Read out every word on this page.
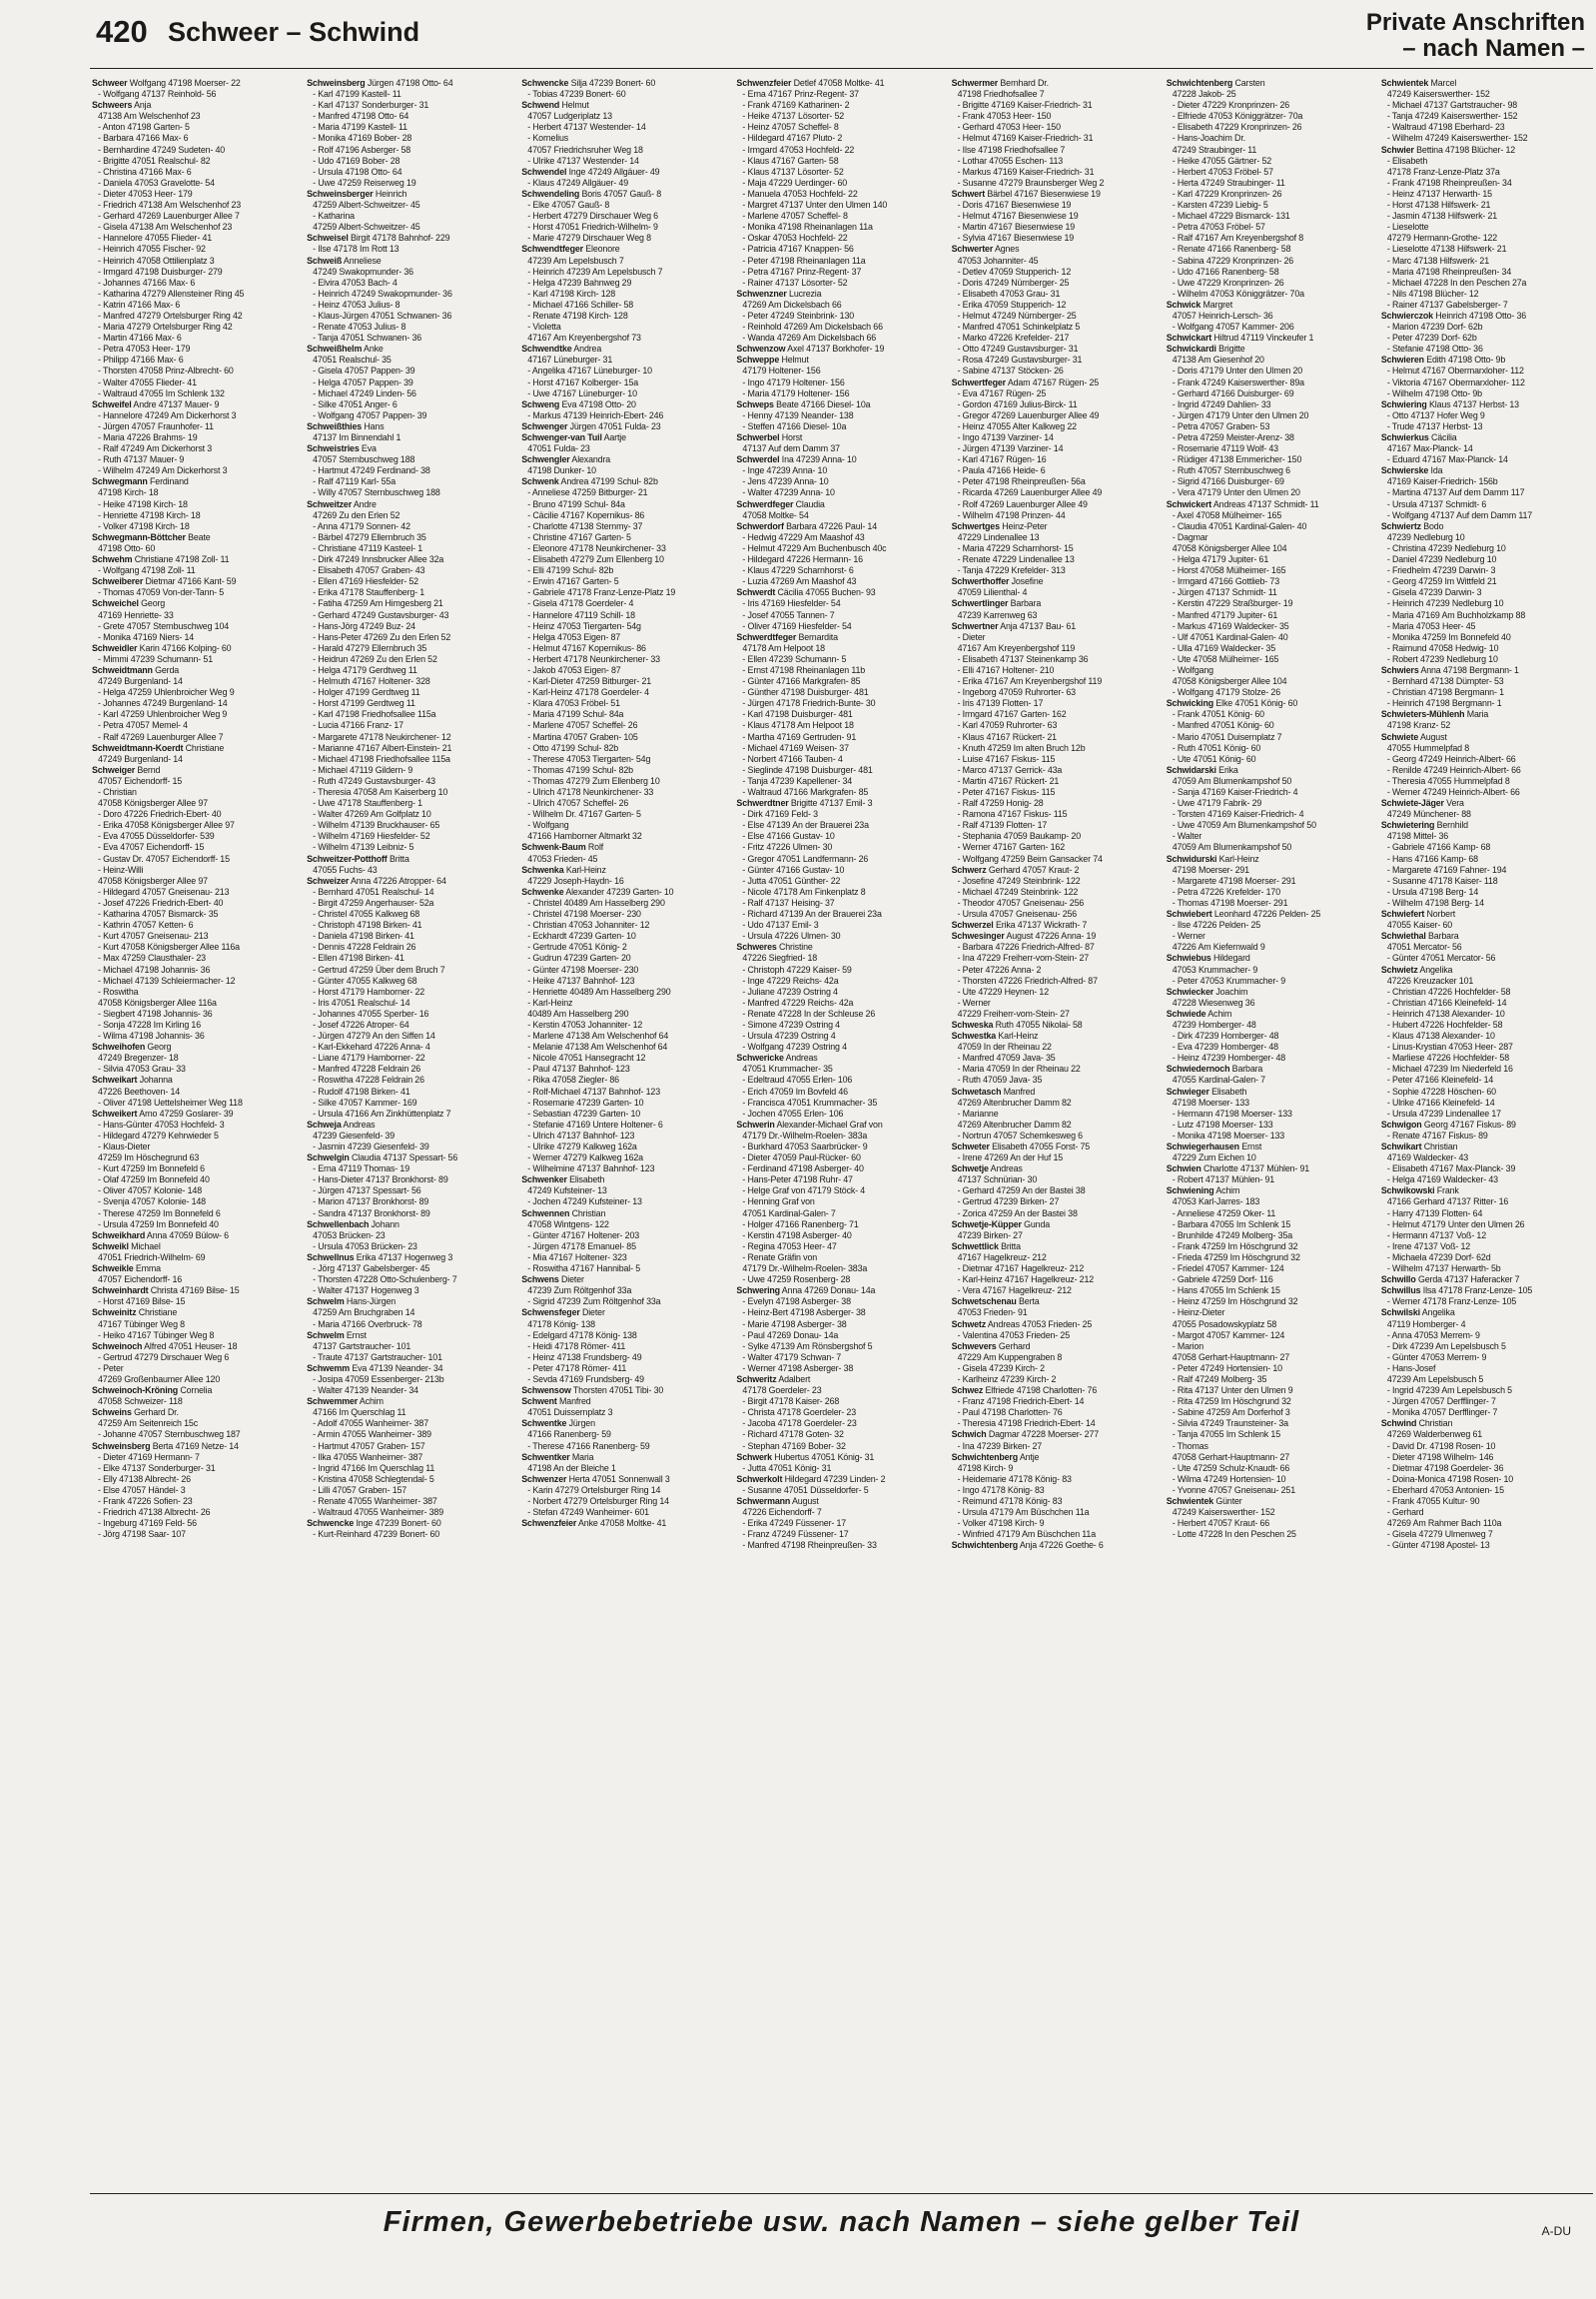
420 Schweer – Schwind	Private Anschriften
– nach Namen –
Schweer Wolfgang 47198 Moerser- 22
- Wolfgang 47137 Reinhold- 56
Schweers Anja
47138 Am Welschenhof 23
- Anton 47198 Garten- 5
- Barbara 47166 Max- 6
- Bernhardine 47249 Sudeten- 40
- Brigitte 47051 Realschul- 82
- Christina 47166 Max- 6
- Daniela 47053 Gravelotte- 54
- Dieter 47053 Heer- 179
- Friedrich 47138 Am Welschenhof 23
- Gerhard 47269 Lauenburger Allee 7
- Gisela 47138 Am Welschenhof 23
- Hannelore 47055 Flieder- 41
- Heinrich 47055 Fischer- 92
- Heinrich 47058 Ottilienplatz 3
- Irmgard 47198 Duisburger- 279
- Johannes 47166 Max- 6
- Katharina 47279 Allensteiner Ring 45
- Katrin 47166 Max- 6
- Manfred 47279 Ortelsburger Ring 42
- Maria 47279 Ortelsburger Ring 42
- Martin 47166 Max- 6
- Petra 47053 Heer- 179
- Philipp 47166 Max- 6
- Thorsten 47058 Prinz-Albrecht- 60
- Walter 47055 Flieder- 41
- Waltraud 47055 Im Schlenk 132
Schweifel Andre 47137 Mauer- 9
- Hannelore 47249 Am Dickerhorst 3
- Jürgen 47057 Fraunhofer- 11
- Maria 47226 Brahms- 19
- Ralf 47249 Am Dickerhorst 3
- Ruth 47137 Mauer- 9
- Wilhelm 47249 Am Dickerhorst 3
Schwegmann Ferdinand
47198 Kirch- 18
- Heike 47198 Kirch- 18
- Henriette 47198 Kirch- 18
- Volker 47198 Kirch- 18
Schwegmann-Böttcher Beate
47198 Otto- 60
Schwehm Christiane 47198 Zoll- 11
- Wolfgang 47198 Zoll- 11
Schweiberer Dietmar 47166 Kant- 59
- Thomas 47059 Von-der-Tann- 5
Schweichel Georg
47169 Henriette- 33
- Grete 47057 Sternbuschweg 104
- Monika 47169 Niers- 14
Schweidler Karin 47166 Kolping- 60
- Mimmi 47239 Schumann- 51
Schweidtmann Gerda
47249 Burgenland- 14
- Helga 47259 Uhlenbroicher Weg 9
- Johannes 47249 Burgenland- 14
- Karl 47259 Uhlenbroicher Weg 9
- Petra 47057 Memel- 4
- Ralf 47269 Lauenburger Allee 7
Schweidtmann-Koerdt Christiane
47249 Burgenland- 14
Schweiger Bernd
47057 Eichendorff- 15
- Christian
47058 Königsberger Allee 97
- Doro 47226 Friedrich-Ebert- 40
- Erika 47058 Königsberger Allee 97
- Eva 47055 Düsseldorfer- 539
- Eva 47057 Eichendorff- 15
- Gustav Dr. 47057 Eichendorff- 15
- Heinz-Willi
47058 Königsberger Allee 97
- Hildegard 47057 Gneisenau- 213
- Josef 47226 Friedrich-Ebert- 40
- Katharina 47057 Bismarck- 35
- Kathrin 47057 Ketten- 6
- Kurt 47057 Gneisenau- 213
- Kurt 47058 Königsberger Allee 116a
- Max 47259 Clausthaler- 23
- Michael 47198 Johannis- 36
- Michael 47139 Schleiermacher- 12
- Roswitha
47058 Königsberger Allee 116a
- Siegbert 47198 Johannis- 36
- Sonja 47228 Im Kirling 16
- Wilma 47198 Johannis- 36
Schweihofen Georg
47249 Bregenzer- 18
- Silvia 47053 Grau- 33
Schweikart Johanna
47226 Beethoven- 14
- Oliver 47198 Uettelsheimer Weg 118
Schweikert Arno 47259 Goslarer- 39
- Hans-Günter 47053 Hochfeld- 3
- Hildegard 47279 Kehrwieder 5
- Klaus-Dieter
47259 Im Höschegrund 63
- Kurt 47259 Im Bonnefeld 6
- Olaf 47259 Im Bonnefeld 40
- Oliver 47057 Kolonie- 148
- Svenja 47057 Kolonie- 148
- Therese 47259 Im Bonnefeld 6
- Ursula 47259 Im Bonnefeld 40
Schweikhard Anna 47059 Bülow- 6
Schweikl Michael
47051 Friedrich-Wilhelm- 69
Schweikle Emma
47057 Eichendorff- 16
Schweinhardt Christa 47169 Bilse- 15
- Horst 47169 Bilse- 15
Schweinitz Christiane
47167 Tübinger Weg 8
- Heiko 47167 Tübinger Weg 8
Schweinoch Alfred 47051 Heuser- 18
- Gertrud 47279 Dirschauer Weg 6
- Peter
47269 Großenbaumer Allee 120
Schweinoch-Kröning Cornelia
47058 Schweizer- 118
Schweins Gerhard Dr.
47259 Am Seitenreich 15c
- Johanne 47057 Sternbuschweg 187
Schweinsberg Berta 47169 Netze- 14
- Dieter 47169 Hermann- 7
- Elke 47137 Sonderburger- 31
- Elly 47138 Albrecht- 26
- Else 47057 Händel- 3
- Frank 47226 Sofien- 23
- Friedrich 47138 Albrecht- 26
- Ingeburg 47169 Feld- 56
- Jörg 47198 Saar- 107
Schweinsberg Jürgen 47198 Otto- 64
- Karl 47199 Kastell- 11
- Karl 47137 Sonderburger- 31
- Manfred 47198 Otto- 64
- Maria 47199 Kastell- 11
- Monika 47169 Bober- 28
- Rolf 47196 Asberger- 58
- Udo 47169 Bober- 28
- Ursula 47198 Otto- 64
- Uwe 47259 Reiserweg 19
Schweinsberger Heinrich
47259 Albert-Schweitzer- 45
- Katharina
47259 Albert-Schweitzer- 45
Schweisel Birgit 47178 Bahnhof- 229
- Ilse 47178 Im Rott 13
Schweiß Anneliese
47249 Swakopmunder- 36
- Elvira 47053 Bach- 4
- Heinrich 47249 Swakopmunder- 36
- Heinz 47053 Julius- 8
- Klaus-Jürgen 47051 Schwanen- 36
- Renate 47053 Julius- 8
- Tanja 47051 Schwanen- 36
Schweißhelm Anke
47051 Realschul- 35
- Gisela 47057 Pappen- 39
- Helga 47057 Pappen- 39
- Michael 47249 Linden- 56
- Silke 47051 Anger- 6
- Wolfgang 47057 Pappen- 39
Schweißthies Hans
47137 Im Binnendahl 1
Schweistries Eva
47057 Sternbuschweg 188
- Hartmut 47249 Ferdinand- 38
- Ralf 47119 Karl- 55a
- Willy 47057 Sternbuschweg 188
Schweitzer Andre
47269 Zu den Erlen 52
- Anna 47179 Sonnen- 42
- Bärbel 47279 Ellernbruch 35
- Christiane 47119 Kasteel- 1
- Dirk 47249 Innsbrucker Allee 32a
- Elisabeth 47057 Graben- 43
- Ellen 47169 Hiesfelder- 52
- Erika 47178 Stauffenberg- 1
- Fatiha 47259 Am Himgesberg 21
- Gerhard 47249 Gustavsburger- 43
- Hans-Jörg 47249 Buz- 24
- Hans-Peter 47269 Zu den Erlen 52
- Harald 47279 Ellernbruch 35
- Heidrun 47269 Zu den Erlen 52
- Helga 47179 Gerdtweg 11
- Helmuth 47167 Holtener- 328
- Holger 47199 Gerdtweg 11
- Horst 47199 Gerdtweg 11
- Karl 47198 Friedhofsallee 115a
- Lucia 47166 Franz- 17
- Margarete 47178 Neukirchener- 12
- Marianne 47167 Albert-Einstein- 21
- Michael 47198 Friedhofsallee 115a
- Michael 47119 Gildern- 9
- Ruth 47249 Gustavsburger- 43
- Theresia 47058 Am Kaiserberg 10
- Uwe 47178 Stauffenberg- 1
- Walter 47269 Am Golfplatz 10
- Wilhelm 47139 Bruckhauser- 65
- Wilhelm 47169 Hiesfelder- 52
- Wilhelm 47139 Leibniz- 5
Schweitzer-Potthoff Britta
47055 Fuchs- 43
Schweizer Anna 47226 Atropper- 64
- Bernhard 47051 Realschul- 14
- Birgit 47259 Angerhauser- 52a
- Christel 47055 Kalkweg 68
- Christoph 47198 Birken- 41
- Daniela 47198 Birken- 41
- Dennis 47228 Feldrain 26
- Ellen 47198 Birken- 41
- Gertrud 47259 Über dem Bruch 7
- Günter 47055 Kalkweg 68
- Horst 47179 Hamborner- 22
- Iris 47051 Realschul- 14
- Johannes 47055 Sperber- 16
- Josef 47226 Atroper- 64
- Jürgen 47279 An den Siffen 14
- Karl-Ekkehard 47226 Anna- 4
- Liane 47179 Hamborner- 22
- Manfred 47228 Feldrain 26
- Roswitha 47228 Feldrain 26
- Rudolf 47198 Birken- 41
- Silke 47057 Kammer- 169
- Ursula 47166 Am Zinkhüttenplatz 7
Schweja Andreas
47239 Giesenfeld- 39
- Jasmin 47239 Giesenfeld- 39
Schwelgin Claudia 47137 Spessart- 56
- Erna 47119 Thomas- 19
- Hans-Dieter 47137 Bronkhorst- 89
- Jürgen 47137 Spessart- 56
- Marion 47137 Bronkhorst- 89
- Sandra 47137 Bronkhorst- 89
Schwellenbach Johann
47053 Brücken- 23
- Ursula 47053 Brücken- 23
Schwellnus Erika 47137 Hogenweg 3
- Jörg 47137 Gabelsberger- 45
- Thorsten 47228 Otto-Schulenberg- 7
- Walter 47137 Hogenweg 3
Schwelm Hans-Jürgen
47259 Am Bruchgraben 14
- Maria 47166 Overbruck- 78
Schwelm Ernst
47137 Gartstraucher- 101
- Traute 47137 Gartstraucher- 101
Schwemm Eva 47139 Neander- 34
- Josipa 47059 Essenberger- 213b
- Walter 47139 Neander- 34
Schwemmer Achim
47166 Im Querschlag 11
- Adolf 47055 Wanheimer- 387
- Armin 47055 Wanheimer- 389
- Hartmut 47057 Graben- 157
- Ilka 47055 Wanheimer- 387
- Ingrid 47166 Im Querschlag 11
- Kristina 47058 Schlegtendal- 5
- Lilli 47057 Graben- 157
- Renate 47055 Wanheimer- 387
- Waltraud 47055 Wanheimer- 389
Schwencke Inge 47239 Bonert- 60
- Kurt-Reinhard 47239 Bonert- 60
Schwencke Silja 47239 Bonert- 60
- Tobias 47239 Bonert- 60
Schwend Helmut
47057 Ludgeriplatz 13
- Herbert 47137 Westender- 14
- Kornelius
47057 Friedrichsruher Weg 18
- Ulrike 47137 Westender- 14
Schwendel Inge 47249 Allgäuer- 49
- Klaus 47249 Allgäuer- 49
Schwendeling Boris 47057 Gauß- 8
- Elke 47057 Gauß- 8
- Herbert 47279 Dirschauer Weg 6
- Horst 47051 Friedrich-Wilhelm- 9
- Marie 47279 Dirschauer Weg 8
Schwendtfeger Eleonore
47239 Am Lepelsbusch 7
- Heinrich 47239 Am Lepelsbusch 7
- Helga 47239 Bahnweg 29
- Karl 47198 Kirch- 128
- Michael 47166 Schiller- 58
- Renate 47198 Kirch- 128
- Violetta
47167 Am Kreyenbergshof 73
Schwendtke Andrea
47167 Lüneburger- 31
- Angelika 47167 Lüneburger- 10
- Horst 47167 Kolberger- 15a
- Uwe 47167 Lüneburger- 10
Schweng Eva 47198 Otto- 20
- Markus 47139 Heinrich-Ebert- 246
Schwenger Jürgen 47051 Fulda- 23
Schwenger-van Tuil Aartje
47051 Fulda- 23
Schwengler Alexandra
47198 Dunker- 10
Schwenk Andrea 47199 Schul- 82b
- Anneliese 47259 Bitburger- 21
- Bruno 47199 Schul- 84a
- Cäcilie 47167 Kopernikus- 86
- Charlotte 47138 Sternmy- 37
- Christine 47167 Garten- 5
- Eleonore 47178 Neunkirchener- 33
- Elisabeth 47279 Zum Ellenberg 10
- Elli 47199 Schul- 82b
- Erwin 47167 Garten- 5
- Gabriele 47178 Franz-Lenze-Platz 19
- Gisela 47178 Goerdeler- 4
- Hannelore 47119 Schill- 18
- Heinz 47053 Tiergarten- 54g
- Helga 47053 Eigen- 87
- Helmut 47167 Kopernikus- 86
- Herbert 47178 Neunkirchener- 33
- Jakob 47053 Eigen- 87
- Karl-Dieter 47259 Bitburger- 21
- Karl-Heinz 47178 Goerdeler- 4
- Klara 47053 Fröbel- 51
- Maria 47199 Schul- 84a
- Marlene 47057 Scheffel- 26
- Martina 47057 Graben- 105
- Otto 47199 Schul- 82b
- Therese 47053 Tiergarten- 54g
- Thomas 47199 Schul- 82b
- Thomas 47279 Zum Ellenberg 10
- Ulrich 47178 Neunkirchener- 33
- Ulrich 47057 Scheffel- 26
- Wilhelm Dr. 47167 Garten- 5
- Wolfgang
47166 Hamborner Altmarkt 32
Schwenk-Baum Rolf
47053 Frieden- 45
Schwenka Karl-Heinz
47229 Joseph-Haydn- 16
Schwenke Alexander 47239 Garten- 10
- Christel 40489 Am Hasselberg 290
- Christel 47198 Moerser- 230
- Christian 47053 Johanniter- 12
- Eckhardt 47239 Garten- 10
- Gertrude 47051 König- 2
- Gudrun 47239 Garten- 20
- Günter 47198 Moerser- 230
- Heike 47137 Bahnhof- 123
- Henriette 40489 Am Hasselberg 290
- Karl-Heinz
40489 Am Hasselberg 290
- Kerstin 47053 Johanniter- 12
- Marlene 47138 Am Welschenhof 64
- Melanie 47138 Am Welschenhof 64
- Nicole 47051 Hansegracht 12
- Paul 47137 Bahnhof- 123
- Rika 47058 Ziegler- 86
- Rolf-Michael 47137 Bahnhof- 123
- Rosemarie 47239 Garten- 10
- Sebastian 47239 Garten- 10
- Stefanie 47169 Untere Holtener- 6
- Ulrich 47137 Bahnhof- 123
- Ulrike 47279 Kalkweg 162a
- Werner 47279 Kalkweg 162a
- Wilhelmine 47137 Bahnhof- 123
Schwenker Elisabeth
47249 Kufsteiner- 13
- Jochen 47249 Kufsteiner- 13
Schwennen Christian
47058 Wintgens- 122
- Günter 47167 Holtener- 203
- Jürgen 47178 Emanuel- 85
- Mia 47167 Holtener- 323
- Roswitha 47167 Hannibal- 5
Schwens Dieter
47239 Zum Röltgenhof 33a
- Sigrid 47239 Zum Röltgenhof 33a
Schwensfeger Dieter
47178 König- 138
- Edelgard 47178 König- 138
- Heidi 47178 Römer- 411
- Heinz 47138 Frundsberg- 49
- Peter 47178 Römer- 411
- Sevda 47169 Frundsberg- 49
Schwensow Thorsten 47051 Tibi- 30
Schwent Manfred
47051 Duissernplatz 3
Schwentke Jürgen
47166 Ranenberg- 59
- Therese 47166 Ranenberg- 59
Schwentker Maria
47198 An der Bleiche 1
Schwenzer Herta 47051 Sonnenwall 3
- Karin 47279 Ortelsburger Ring 14
- Norbert 47279 Ortelsburger Ring 14
- Stefan 47249 Wanheimer- 601
Schwenzfeier Anke 47058 Moltke- 41
Schwenzfeier Detlef 47058 Moltke- 41
- Erna 47167 Prinz-Regent- 37
- Frank 47169 Katharinen- 2
- Heike 47137 Lösorter- 52
- Heinz 47057 Scheffel- 8
- Hildegard 47167 Pluto- 2
- Irmgard 47053 Hochfeld- 22
- Klaus 47167 Garten- 58
- Klaus 47137 Lösorter- 52
- Maja 47229 Uerdinger- 60
- Manuela 47053 Hochfeld- 22
- Margret 47137 Unter den Ulmen 140
- Marlene 47057 Scheffel- 8
- Monika 47198 Rheinanlagen 11a
- Oskar 47053 Hochfeld- 22
- Patricia 47167 Knappen- 56
- Peter 47198 Rheinanlagen 11a
- Petra 47167 Prinz-Regent- 37
- Rainer 47137 Lösorter- 52
Schwenzner Lucrezia
47269 Am Dickelsbach 66
- Peter 47249 Steinbrink- 130
- Reinhold 47269 Am Dickelsbach 66
- Wanda 47269 Am Dickelsbach 66
Schwenzow Axel 47137 Borkhofer- 19
Schweppe Helmut
47179 Holtener- 156
- Ingo 47179 Holtener- 156
- Maria 47179 Holtener- 156
Schweps Beate 47166 Diesel- 10a
- Henny 47139 Neander- 138
- Steffen 47166 Diesel- 10a
Schwerbel Horst
47137 Auf dem Damm 37
Schwerdel Ina 47239 Anna- 10
- Inge 47239 Anna- 10
- Jens 47239 Anna- 10
- Walter 47239 Anna- 10
Schwerdfeger Claudia
47058 Moltke- 54
Schwerdorf Barbara 47226 Paul- 14
- Hedwig 47229 Am Maashof 43
- Helmut 47229 Am Buchenbusch 40c
- Hildegard 47226 Hermann- 16
- Klaus 47229 Scharnhorst- 6
- Luzia 47269 Am Maashof 43
Schwerdt Cäcilia 47055 Buchen- 93
- Iris 47169 Hiesfelder- 54
- Josef 47055 Tannen- 7
- Oliver 47169 Hiesfelder- 54
Schwerdtfeger Bernardita
47178 Am Helpoot 18
- Ellen 47239 Schumann- 5
- Ernst 47198 Rheinanlagen 11b
- Günter 47166 Markgrafen- 85
- Günther 47198 Duisburger- 481
- Jürgen 47178 Friedrich-Bunte- 30
- Karl 47198 Duisburger- 481
- Klaus 47178 Am Helpoot 18
- Martha 47169 Gertruden- 91
- Michael 47169 Weisen- 37
- Norbert 47166 Tauben- 4
- Sieglinde 47198 Duisburger- 481
- Tanja 47239 Kapellener- 34
- Waltraud 47166 Markgrafen- 85
Schwerdtner Brigitte 47137 Emil- 3
- Dirk 47169 Feld- 3
- Else 47139 An der Brauerei 23a
- Else 47166 Gustav- 10
- Fritz 47226 Ulmen- 30
- Gregor 47051 Landfermann- 26
- Günter 47166 Gustav- 10
- Jutta 47051 Günther- 22
- Nicole 47178 Am Finkenplatz 8
- Ralf 47137 Heising- 37
- Richard 47139 An der Brauerei 23a
- Udo 47137 Emil- 3
- Ursula 47226 Ulmen- 30
Schweres Christine
47226 Siegfried- 18
- Christoph 47229 Kaiser- 59
- Inge 47229 Reichs- 42a
- Juliane 47239 Ostring 4
- Manfred 47229 Reichs- 42a
- Renate 47228 In der Schleuse 26
- Simone 47239 Ostring 4
- Ursula 47239 Ostring 4
- Wolfgang 47239 Ostring 4
Schwericke Andreas
47051 Krummacher- 35
- Edeltraud 47055 Erlen- 106
- Erich 47059 Im Bovfeld 46
- Francisca 47051 Krummacher- 35
- Jochen 47055 Erlen- 106
Schwerin Alexander-Michael Graf von
47179 Dr.-Wilhelm-Roelen- 383a
- Burkhard 47053 Saarbrücker- 9
- Dieter 47059 Paul-Rücker- 60
- Ferdinand 47198 Asberger- 40
- Hans-Peter 47198 Ruhr- 47
- Helge Graf von 47179 Stöck- 4
- Henning Graf von
47051 Kardinal-Galen- 7
- Holger 47166 Ranenberg- 71
- Kerstin 47198 Asberger- 40
- Regina 47053 Heer- 47
- Renate Gräfin von
47179 Dr.-Wilhelm-Roelen- 383a
- Uwe 47259 Rosenberg- 28
Schwering Anna 47269 Donau- 14a
- Evelyn 47198 Asberger- 38
- Heinz-Bert 47198 Asberger- 38
- Marie 47198 Asberger- 38
- Paul 47269 Donau- 14a
- Sylke 47139 Am Rönsbergshof 5
- Walter 47179 Schwan- 7
- Werner 47198 Asberger- 38
Schweritz Adalbert
47178 Goerdeler- 23
- Birgit 47178 Kaiser- 268
- Christa 47178 Goerdeler- 23
- Jacoba 47178 Goerdeler- 23
- Richard 47178 Goten- 32
- Stephan 47169 Bober- 32
Schwerk Hubertus 47051 König- 31
- Jutta 47051 König- 31
Schwerkolt Hildegard 47239 Linden- 2
- Susanne 47051 Düsseldorfer- 5
Schwermann August
47226 Eichendorff- 7
- Erika 47249 Füssener- 17
- Franz 47249 Füssener- 17
- Manfred 47198 Rheinpreußen- 33
Schwermer Bernhard Dr.
47198 Friedhofsallee 7
- Brigitte 47169 Kaiser-Friedrich- 31
- Frank 47053 Heer- 150
- Gerhard 47053 Heer- 150
- Helmut 47169 Kaiser-Friedrich- 31
- Ilse 47198 Friedhofsallee 7
- Lothar 47055 Eschen- 113
- Markus 47169 Kaiser-Friedrich- 31
- Susanne 47279 Braunsberger Weg 2
Schwert Bärbel 47167 Biesenwiese 19
- Doris 47167 Biesenwiese 19
- Helmut 47167 Biesenwiese 19
- Martin 47167 Biesenwiese 19
- Sylvia 47167 Biesenwiese 19
Schwerter Agnes
47053 Johanniter- 45
- Detlev 47059 Stupperich- 12
- Doris 47249 Nürnberger- 25
- Elisabeth 47053 Grau- 31
- Erika 47059 Stupperich- 12
- Helmut 47249 Nürnberger- 25
- Manfred 47051 Schinkelplatz 5
- Marko 47226 Krefelder- 217
- Otto 47249 Gustavsburger- 31
- Rosa 47249 Gustavsburger- 31
- Sabine 47137 Stöcken- 26
Schwertfeger Adam 47167 Rügen- 25
- Eva 47167 Rügen- 25
- Gordon 47169 Julius-Birck- 11
- Gregor 47269 Lauenburger Allee 49
- Heinz 47055 Alter Kalkweg 22
- Ingo 47139 Varziner- 14
- Jürgen 47139 Varziner- 14
- Karl 47167 Rügen- 16
- Paula 47166 Heide- 6
- Peter 47198 Rheinpreußen- 56a
- Ricarda 47269 Lauenburger Allee 49
- Rolf 47269 Lauenburger Allee 49
- Wilhelm 47198 Prinzen- 44
Schwertges Heinz-Peter
47229 Lindenallee 13
- Maria 47229 Scharnhorst- 15
- Renate 47229 Lindenallee 13
- Tanja 47229 Krefelder- 313
Schwerthoffer Josefine
47059 Lilienthal- 4
Schwertlinger Barbara
47239 Karrenweg 63
Schwertner Anja 47137 Bau- 61
- Dieter
47167 Am Kreyenbergshof 119
- Elisabeth 47137 Steinenkamp 36
- Elli 47167 Holtener- 210
- Erika 47167 Am Kreyenbergshof 119
- Ingeborg 47059 Ruhrorter- 63
- Iris 47139 Flotten- 17
- Irmgard 47167 Garten- 162
- Karl 47059 Ruhrorter- 63
- Klaus 47167 Rückert- 21
- Knuth 47259 Im alten Bruch 12b
- Luise 47167 Fiskus- 115
- Marco 47137 Gerrick- 43a
- Martin 47167 Rückert- 21
- Peter 47167 Fiskus- 115
- Ralf 47259 Honig- 28
- Ramona 47167 Fiskus- 115
- Ralf 47139 Flotten- 17
- Stephania 47059 Baukamp- 20
- Werner 47167 Garten- 162
- Wolfgang 47259 Beim Gansacker 74
Schwerz Gerhard 47057 Kraut- 2
- Josefine 47249 Steinbrink- 122
- Michael 47249 Steinbrink- 122
- Theodor 47057 Gneisenau- 256
- Ursula 47057 Gneisenau- 256
Schwerzel Erika 47137 Wickrath- 7
Schwesinger August 47226 Anna- 19
- Barbara 47226 Friedrich-Alfred- 87
- Ina 47229 Freiherr-vom-Stein- 27
- Peter 47226 Anna- 2
- Thorsten 47226 Friedrich-Alfred- 87
- Ute 47229 Heynen- 12
- Werner
47229 Freiherr-vom-Stein- 27
Schweska Ruth 47055 Nikolai- 58
Schwestka Karl-Heinz
47059 In der Rheinau 22
- Manfred 47059 Java- 35
- Maria 47059 In der Rheinau 22
- Ruth 47059 Java- 35
Schwetasch Manfred
47269 Altenbrucher Damm 82
- Marianne
47269 Altenbrucher Damm 82
- Nortrun 47057 Schemkesweg 6
Schweter Elisabeth 47055 Forst- 75
- Irene 47269 An der Huf 15
Schwetje Andreas
47137 Schnürian- 30
- Gerhard 47259 An der Bastei 38
- Gertrud 47239 Birken- 27
- Zorica 47259 An der Bastei 38
Schwetje-Küpper Gunda
47239 Birken- 27
Schwettlick Britta
47167 Hagelkreuz- 212
- Dietmar 47167 Hagelkreuz- 212
- Karl-Heinz 47167 Hagelkreuz- 212
- Vera 47167 Hagelkreuz- 212
Schwetschenau Berta
47053 Frieden- 91
Schwetz Andreas 47053 Frieden- 25
- Valentina 47053 Frieden- 25
Schwevers Gerhard
47229 Am Kuppengraben 8
- Gisela 47239 Kirch- 2
- Karlheinz 47239 Kirch- 2
Schwez Elfriede 47198 Charlotten- 76
- Franz 47198 Friedrich-Ebert- 14
- Paul 47198 Charlotten- 76
- Theresia 47198 Friedrich-Ebert- 14
Schwich Dagmar 47228 Moerser- 277
- Ina 47239 Birken- 27
Schwichtenberg Antje
47198 Kirch- 9
- Heidemarie 47178 König- 83
- Ingo 47178 König- 83
- Reimund 47178 König- 83
- Ursula 47179 Am Büschchen 11a
- Volker 47198 Kirch- 9
- Winfried 47179 Am Büschchen 11a
Schwichtenberg Anja 47226 Goethe- 6
Schwichtenberg Carsten
47228 Jakob- 25
- Dieter 47229 Kronprinzen- 26
- Elfriede 47053 Königgrätzer- 70a
- Elisabeth 47229 Kronprinzen- 26
- Hans-Joachim Dr.
47249 Straubinger- 11
- Heike 47055 Gärtner- 52
- Herbert 47053 Fröbel- 57
- Herta 47249 Straubinger- 11
- Karl 47229 Kronprinzen- 26
- Karsten 47239 Liebig- 5
- Michael 47229 Bismarck- 131
- Petra 47053 Fröbel- 57
- Ralf 47167 Am Kreyenbergshof 8
- Renate 47166 Ranenberg- 58
- Sabina 47229 Kronprinzen- 26
- Udo 47166 Ranenberg- 58
- Uwe 47229 Kronprinzen- 26
- Wilhelm 47053 Königgrätzer- 70a
Schwick Margret
47057 Heinrich-Lersch- 36
- Wolfgang 47057 Kammer- 206
Schwickart Hiltrud 47119 Vinckeufer 1
Schwickardi Brigitte
47138 Am Giesenhof 20
- Doris 47179 Unter den Ulmen 20
- Frank 47249 Kaiserswerther- 89a
- Gerhard 47166 Duisburger- 69
- Ingrid 47249 Dahlien- 33
- Jürgen 47179 Unter den Ulmen 20
- Petra 47057 Graben- 53
- Petra 47259 Meister-Arenz- 38
- Rosemarie 47119 Wolf- 43
- Rüdiger 47138 Emmericher- 150
- Ruth 47057 Sternbuschweg 6
- Sigrid 47166 Duisburger- 69
- Vera 47179 Unter den Ulmen 20
Schwickert Andreas 47137 Schmidt- 11
- Axel 47058 Mülheimer- 165
- Claudia 47051 Kardinal-Galen- 40
- Dagmar
47058 Königsberger Allee 104
- Helga 47179 Jupiter- 61
- Horst 47058 Mülheimer- 165
- Irmgard 47166 Gottlieb- 73
- Jürgen 47137 Schmidt- 11
- Kerstin 47229 Straßburger- 19
- Manfred 47179 Jupiter- 61
- Markus 47169 Waldecker- 35
- Ulf 47051 Kardinal-Galen- 40
- Ulla 47169 Waldecker- 35
- Ute 47058 Mülheimer- 165
- Wolfgang
47058 Königsberger Allee 104
- Wolfgang 47179 Stolze- 26
Schwicking Elke 47051 König- 60
- Frank 47051 König- 60
- Manfred 47051 König- 60
- Mario 47051 Duisernplatz 7
- Ruth 47051 König- 60
- Ute 47051 König- 60
Schwidarski Erika
47059 Am Blumenkampshof 50
- Sanja 47169 Kaiser-Friedrich- 4
- Uwe 47179 Fabrik- 29
- Torsten 47169 Kaiser-Friedrich- 4
- Uwe 47059 Am Blumenkampshof 50
- Walter
47059 Am Blumenkampshof 50
Schwidurski Karl-Heinz
47198 Moerser- 291
- Margarete 47198 Moerser- 291
- Petra 47226 Krefelder- 170
- Thomas 47198 Moerser- 291
Schwiebert Leonhard 47226 Pelden- 25
- Ilse 47226 Pelden- 25
- Werner
47226 Am Kiefernwald 9
Schwiebus Hildegard
47053 Krummacher- 9
- Peter 47053 Krummacher- 9
Schwiecker Joachim
47228 Wiesenweg 36
Schwiede Achim
47239 Homberger- 48
- Dirk 47239 Homberger- 48
- Eva 47239 Homberger- 48
- Heinz 47239 Homberger- 48
Schwiedernoch Barbara
47055 Kardinal-Galen- 7
Schwieger Elisabeth
47198 Moerser- 133
- Hermann 47198 Moerser- 133
- Lutz 47198 Moerser- 133
- Monika 47198 Moerser- 133
Schwiegerhausen Ernst
47229 Zum Eichen 10
Schwien Charlotte 47137 Mühlen- 91
- Robert 47137 Mühlen- 91
Schwiening Achim
47053 Karl-Jarres- 183
- Anneliese 47259 Oker- 11
- Barbara 47055 Im Schlenk 15
- Brunhilde 47249 Molberg- 35a
- Frank 47259 Im Höschgrund 32
- Frieda 47259 Im Höschgrund 32
- Friedel 47057 Kammer- 124
- Gabriele 47259 Dorf- 116
- Hans 47055 Im Schlenk 15
- Heinz 47259 Im Höschgrund 32
- Heinz-Dieter
47055 Posadowskyplatz 58
- Margot 47057 Kammer- 124
- Marion
47058 Gerhart-Hauptmann- 27
- Peter 47249 Hortensien- 10
- Ralf 47249 Molberg- 35
- Rita 47137 Unter den Ulmen 9
- Rita 47259 Im Höschgrund 32
- Sabine 47259 Am Dorferhof 3
- Silvia 47249 Traunsteiner- 3a
- Tanja 47055 Im Schlenk 15
- Thomas
47058 Gerhart-Hauptmann- 27
- Ute 47259 Schulz-Knaudt- 66
- Wilma 47249 Hortensien- 10
- Yvonne 47057 Gneisenau- 251
Schwientek Günter
47249 Kaiserswerther- 152
- Herbert 47057 Kraut- 66
- Lotte 47228 In den Peschen 25
Schwientek Marcel
47249 Kaiserswerther- 152
- Michael 47137 Gartstraucher- 98
- Tanja 47249 Kaiserswerther- 152
- Waltraud 47198 Eberhard- 23
- Wilhelm 47249 Kaiserswerther- 152
Schwier Bettina 47198 Blücher- 12
- Elisabeth
47178 Franz-Lenze-Platz 37a
- Frank 47198 Rheinpreußen- 34
- Heinz 47137 Herwarth- 15
- Horst 47138 Hilfswerk- 21
- Jasmin 47138 Hilfswerk- 21
- Lieselotte
47279 Hermann-Grothe- 122
- Lieselotte 47138 Hilfswerk- 21
- Marc 47138 Hilfswerk- 21
- Maria 47198 Rheinpreußen- 34
- Michael 47228 In den Peschen 27a
- Nils 47198 Blücher- 12
- Rainer 47137 Gabelsberger- 7
Schwierczok Heinrich 47198 Otto- 36
- Marion 47239 Dorf- 62b
- Peter 47239 Dorf- 62b
- Stefanie 47198 Otto- 36
Schwieren Edith 47198 Otto- 9b
- Helmut 47167 Obermarxloher- 112
- Viktoria 47167 Obermarxloher- 112
- Wilhelm 47198 Otto- 9b
Schwiering Klaus 47137 Herbst- 13
- Otto 47137 Hofer Weg 9
- Trude 47137 Herbst- 13
Schwierkus Cäcilia
47167 Max-Planck- 14
- Eduard 47167 Max-Planck- 14
Schwierske Ida
47169 Kaiser-Friedrich- 156b
- Martina 47137 Auf dem Damm 117
- Ursula 47137 Schmidt- 6
- Wolfgang 47137 Auf dem Damm 117
Schwiertz Bodo
47239 Nedleburg 10
- Christina 47239 Nedleburg 10
- Daniel 47239 Nedleburg 10
- Friedhelm 47239 Darwin- 3
- Georg 47259 Im Wittfeld 21
- Gisela 47239 Darwin- 3
- Heinrich 47239 Nedleburg 10
- Maria 47169 Am Buchholzkamp 88
- Maria 47053 Heer- 45
- Monika 47259 Im Bonnefeld 40
- Raimund 47058 Hedwig- 10
- Robert 47239 Nedleburg 10
Schwiers Anna 47198 Bergmann- 1
- Bernhard 47138 Dümpter- 53
- Christian 47198 Bergmann- 1
- Heinrich 47198 Bergmann- 1
Schwieters-Mühlenh Maria
47198 Kranz- 52
Schwiete August
47055 Hummelpfad 8
- Georg 47249 Heinrich-Albert- 66
- Renilde 47249 Heinrich-Albert- 66
- Theresia 47055 Hummelpfad 8
- Werner 47249 Heinrich-Albert- 66
Schwiete-Jäger Vera
47249 Münchener- 88
Schwietering Bernhild
47198 Mittel- 36
- Gabriele 47166 Kamp- 68
- Hans 47166 Kamp- 68
- Margarete 47169 Fahner- 194
- Susanne 47178 Kaiser- 118
- Ursula 47198 Berg- 14
- Wilhelm 47198 Berg- 14
Schwiefert Norbert
47055 Kaiser- 60
Schwiethal Barbara
47051 Mercator- 56
- Günter 47051 Mercator- 56
Schwietz Angelika
47226 Kreuzacker 101
- Christian 47226 Hochfelder- 58
- Christian 47166 Kleinefeld- 14
- Heinrich 47138 Alexander- 10
- Hubert 47226 Hochfelder- 58
- Klaus 47138 Alexander- 10
- Linus-Krystian 47053 Heer- 287
- Marliese 47226 Hochfelder- 58
- Michael 47239 Im Niederfeld 16
- Peter 47166 Kleinefeld- 14
- Sophie 47228 Höschen- 60
- Ulrike 47166 Kleinefeld- 14
- Ursula 47239 Lindenallee 17
Schwigon Georg 47167 Fiskus- 89
- Renate 47167 Fiskus- 89
Schwikart Christian
47169 Waldecker- 43
- Elisabeth 47167 Max-Planck- 39
- Helga 47169 Waldecker- 43
Schwikowski Frank
47166 Gerhard 47137 Ritter- 16
- Harry 47139 Flotten- 64
- Helmut 47179 Unter den Ulmen 26
- Hermann 47137 Voß- 12
- Irene 47137 Voß- 12
- Michaela 47239 Dorf- 62d
- Wilhelm 47137 Herwarth- 5b
Schwillo Gerda 47137 Haferacker 7
Schwillus Ilsa 47178 Franz-Lenze- 105
- Werner 47178 Franz-Lenze- 105
Schwilski Angelika
47119 Homberger- 4
- Anna 47053 Merrem- 9
- Dirk 47239 Am Lepelsbusch 5
- Günter 47053 Merrem- 9
- Hans-Josef
47239 Am Lepelsbusch 5
- Ingrid 47239 Am Lepelsbusch 5
- Jürgen 47057 Derfflinger- 7
- Monika 47057 Derfflinger- 7
Schwind Christian
47269 Walderbenweg 61
- David Dr. 47198 Rosen- 10
- Dieter 47198 Wilhelm- 146
- Dietmar 47198 Goerdeler- 36
- Doina-Monica 47198 Rosen- 10
- Eberhard 47053 Antonien- 15
- Frank 47055 Kultur- 90
- Gerhard
47269 Am Rahmer Bach 110a
- Gisela 47279 Ulmenweg 7
- Günter 47198 Apostel- 13
Firmen, Gewerbebetriebe usw. nach Namen – siehe gelber Teil	A-DU
